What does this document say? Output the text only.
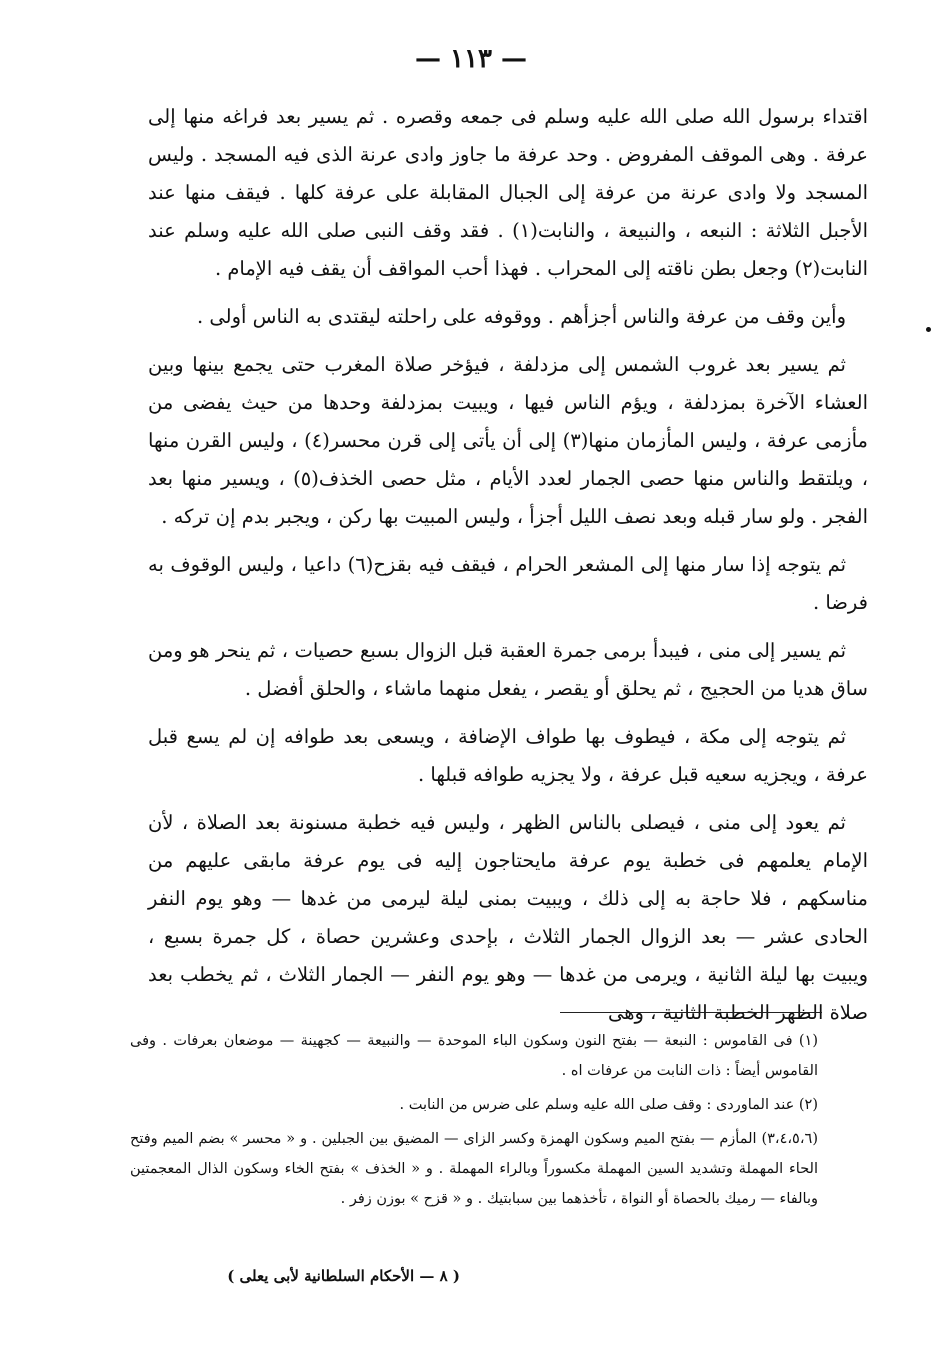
— ١١٣ —

اقتداء برسول الله صلى الله عليه وسلم فى جمعه وقصره . ثم يسير بعد فراغه منها إلى عرفة . وهى الموقف المفروض . وحد عرفة ما جاوز وادى عرنة الذى فيه المسجد . وليس المسجد ولا وادى عرنة من عرفة إلى الجبال المقابلة على عرفة كلها . فيقف منها عند الأجبل الثلاثة : النبعه ، والنبيعة ، والنابت(١) . فقد وقف النبى صلى الله عليه وسلم عند النابت(٢) وجعل بطن ناقته إلى المحراب . فهذا أحب المواقف أن يقف فيه الإمام .

وأين وقف من عرفة والناس أجزأهم . ووقوفه على راحلته ليقتدى به الناس أولى .

ثم يسير بعد غروب الشمس إلى مزدلفة ، فيؤخر صلاة المغرب حتى يجمع بينها وبين العشاء الآخرة بمزدلفة ، ويؤم الناس فيها ، ويبيت بمزدلفة وحدها من حيث يفضى من مأزمى عرفة ، وليس المأزمان منها(٣) إلى أن يأتى إلى قرن محسر(٤) ، وليس القرن منها ، ويلتقط والناس منها حصى الجمار لعدد الأيام ، مثل حصى الخذف(٥) ، ويسير منها بعد الفجر . ولو سار قبله وبعد نصف الليل أجزأ ، وليس المبيت بها ركن ، ويجبر بدم إن تركه .

ثم يتوجه إذا سار منها إلى المشعر الحرام ، فيقف فيه بقزح(٦) داعيا ، وليس الوقوف به فرضا .

ثم يسير إلى منى ، فيبدأ برمى جمرة العقبة قبل الزوال بسبع حصيات ، ثم ينحر هو ومن ساق هديا من الحجيج ، ثم يحلق أو يقصر ، يفعل منهما ماشاء ، والحلق أفضل .

ثم يتوجه إلى مكة ، فيطوف بها طواف الإضافة ، ويسعى بعد طوافه إن لم يسع قبل عرفة ، ويجزيه سعيه قبل عرفة ، ولا يجزيه طوافه قبلها .

ثم يعود إلى منى ، فيصلى بالناس الظهر ، وليس فيه خطبة مسنونة بعد الصلاة ، لأن الإمام يعلمهم فى خطبة يوم عرفة مايحتاجون إليه فى يوم عرفة مابقى عليهم من مناسكهم ، فلا حاجة به إلى ذلك ، ويبيت بمنى ليلة ليرمى من غدها — وهو يوم النفر الحادى عشر — بعد الزوال الجمار الثلاث ، بإحدى وعشرين حصاة ، كل جمرة بسبع ، ويبيت بها ليلة الثانية ، ويرمى من غدها — وهو يوم النفر — الجمار الثلاث ، ثم يخطب بعد صلاة الظهر الخطبة الثانية ، وهى

(١) فى القاموس : النبعة — بفتح النون وسكون الباء الموحدة — والنبيعة — كجهينة — موضعان بعرفات . وفى القاموس أيضاً : ذات النابت من عرفات اه .

(٢) عند الماوردى : وقف صلى الله عليه وسلم على ضرس من النابت .

(٣،٤،٥،٦) المأزم — بفتح الميم وسكون الهمزة وكسر الزاى — المضيق بين الجبلين . و « محسر » بضم الميم وفتح الحاء المهملة وتشديد السين المهملة مكسوراً وبالراء المهملة . و « الخذف » بفتح الخاء وسكون الذال المعجمتين وبالفاء — رميك بالحصاة أو النواة ، تأخذهما بين سبابتيك . و « قزح » بوزن زفر .

( ٨ — الأحكام السلطانية لأبى يعلى )
